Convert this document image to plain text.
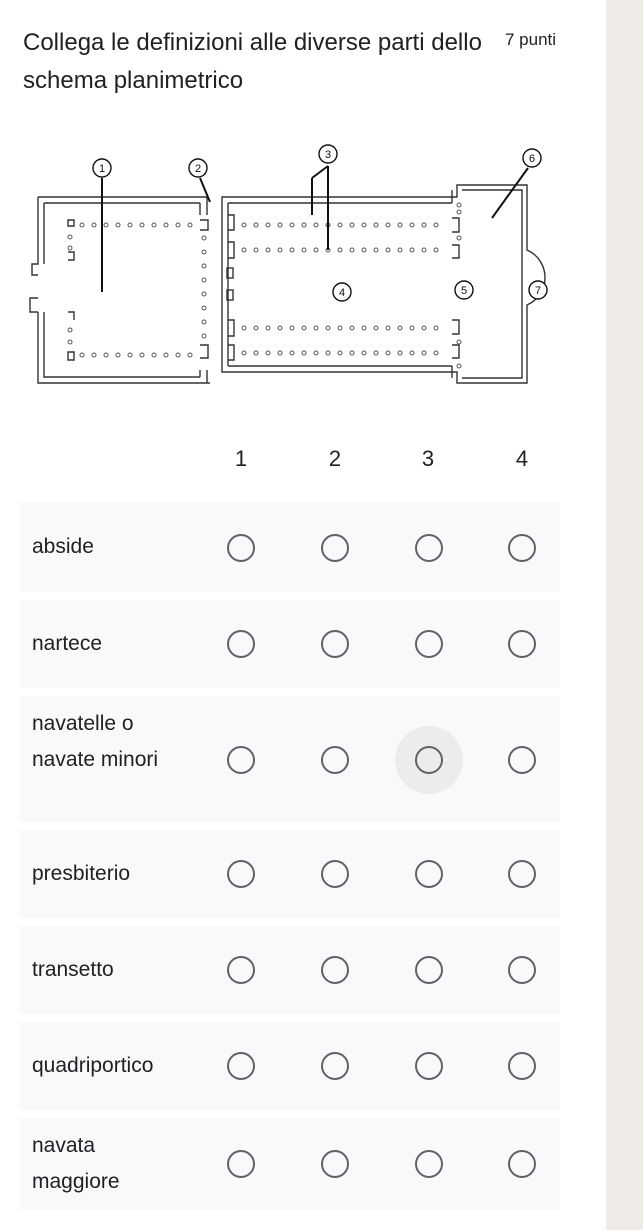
Collega le definizioni alle diverse parti dello schema planimetrico
7 punti
1	2
3
4	5
6
7
1	2	3	4
abside
nartece
navatelle o navate minori
presbiterio
transetto
quadriportico
navata maggiore
